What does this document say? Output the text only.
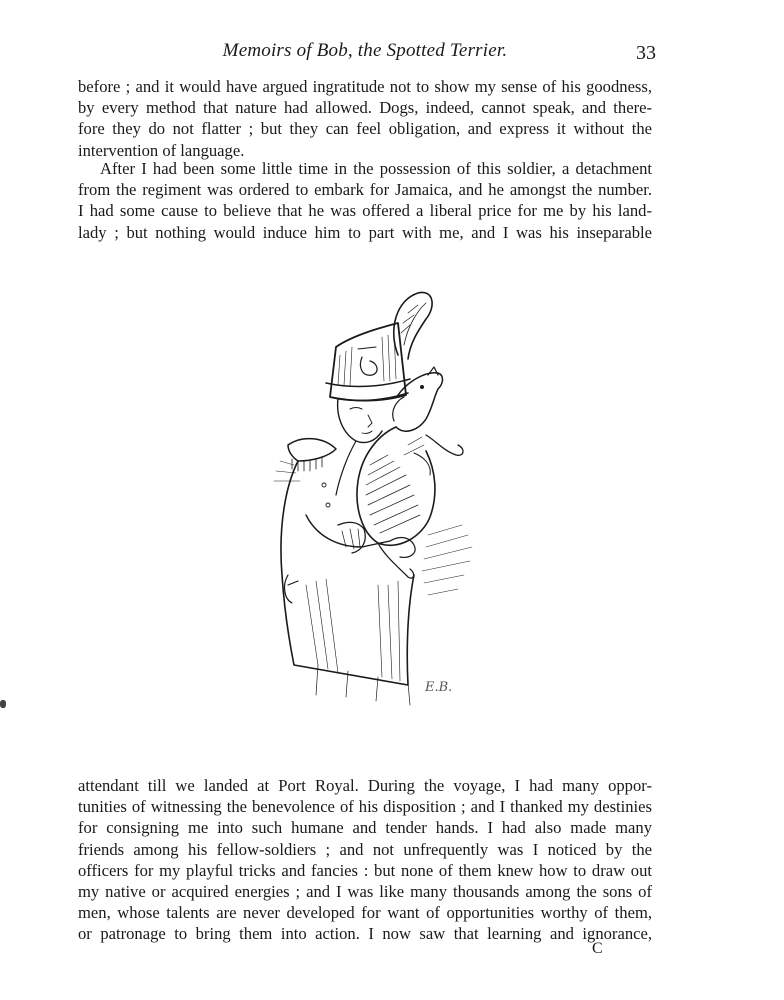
Memoirs of Bob, the Spotted Terrier.	33
before ; and it would have argued ingratitude not to show my sense of his goodness,
by every method that nature had allowed. Dogs, indeed, cannot speak, and there-
fore they do not flatter ; but they can feel obligation, and express it without the
intervention of language.
After I had been some little time in the possession of this soldier, a detachment
from the regiment was ordered to embark for Jamaica, and he amongst the number.
I had some cause to believe that he was offered a liberal price for me by his land-
lady ; but nothing would induce him to part with me, and I was his inseparable
E.B.
attendant till we landed at Port Royal. During the voyage, I had many oppor-
tunities of witnessing the benevolence of his disposition ; and I thanked my destinies
for consigning me into such humane and tender hands. I had also made many
friends among his fellow-soldiers ; and not unfrequently was I noticed by the
officers for my playful tricks and fancies : but none of them knew how to draw out
my native or acquired energies ; and I was like many thousands among the sons of
men, whose talents are never developed for want of opportunities worthy of them,
or patronage to bring them into action. I now saw that learning and ignorance,
C
